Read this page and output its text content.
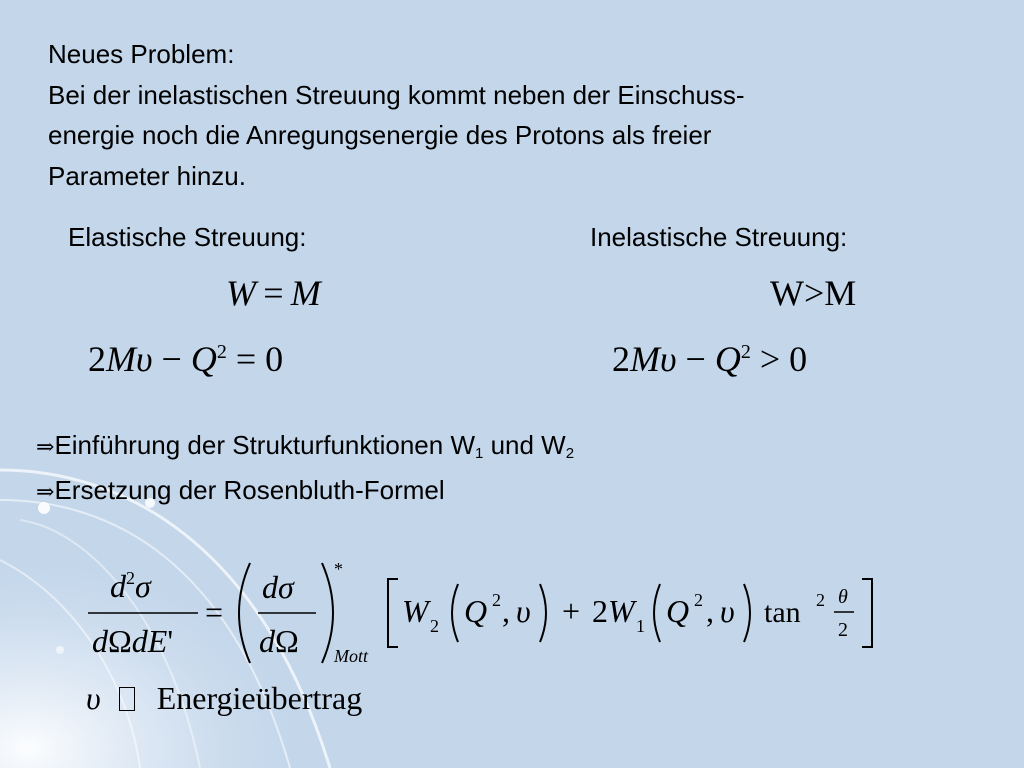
Neues Problem:
Bei der inelastischen Streuung kommt neben der Einschuss-
energie noch die Anregungsenergie des Protons als freier
Parameter hinzu.
Elastische Streuung:	Inelastische Streuung:
W = M
$2M\upsilon - Q^2 = 0$
W>M
$2M\upsilon - Q^2 > 0$
⇒Einführung der Strukturfunktionen $W_1$ und $W_2$
⇒Ersetzung der Rosenbluth-Formel
$d^2\sigma$
dΩdE'
=
dσ
dΩ
*
Mott
W 2 Q 2 , υ + 2W 1 Q 2 , υ tan 2 θ
2
υ Energieübertrag
